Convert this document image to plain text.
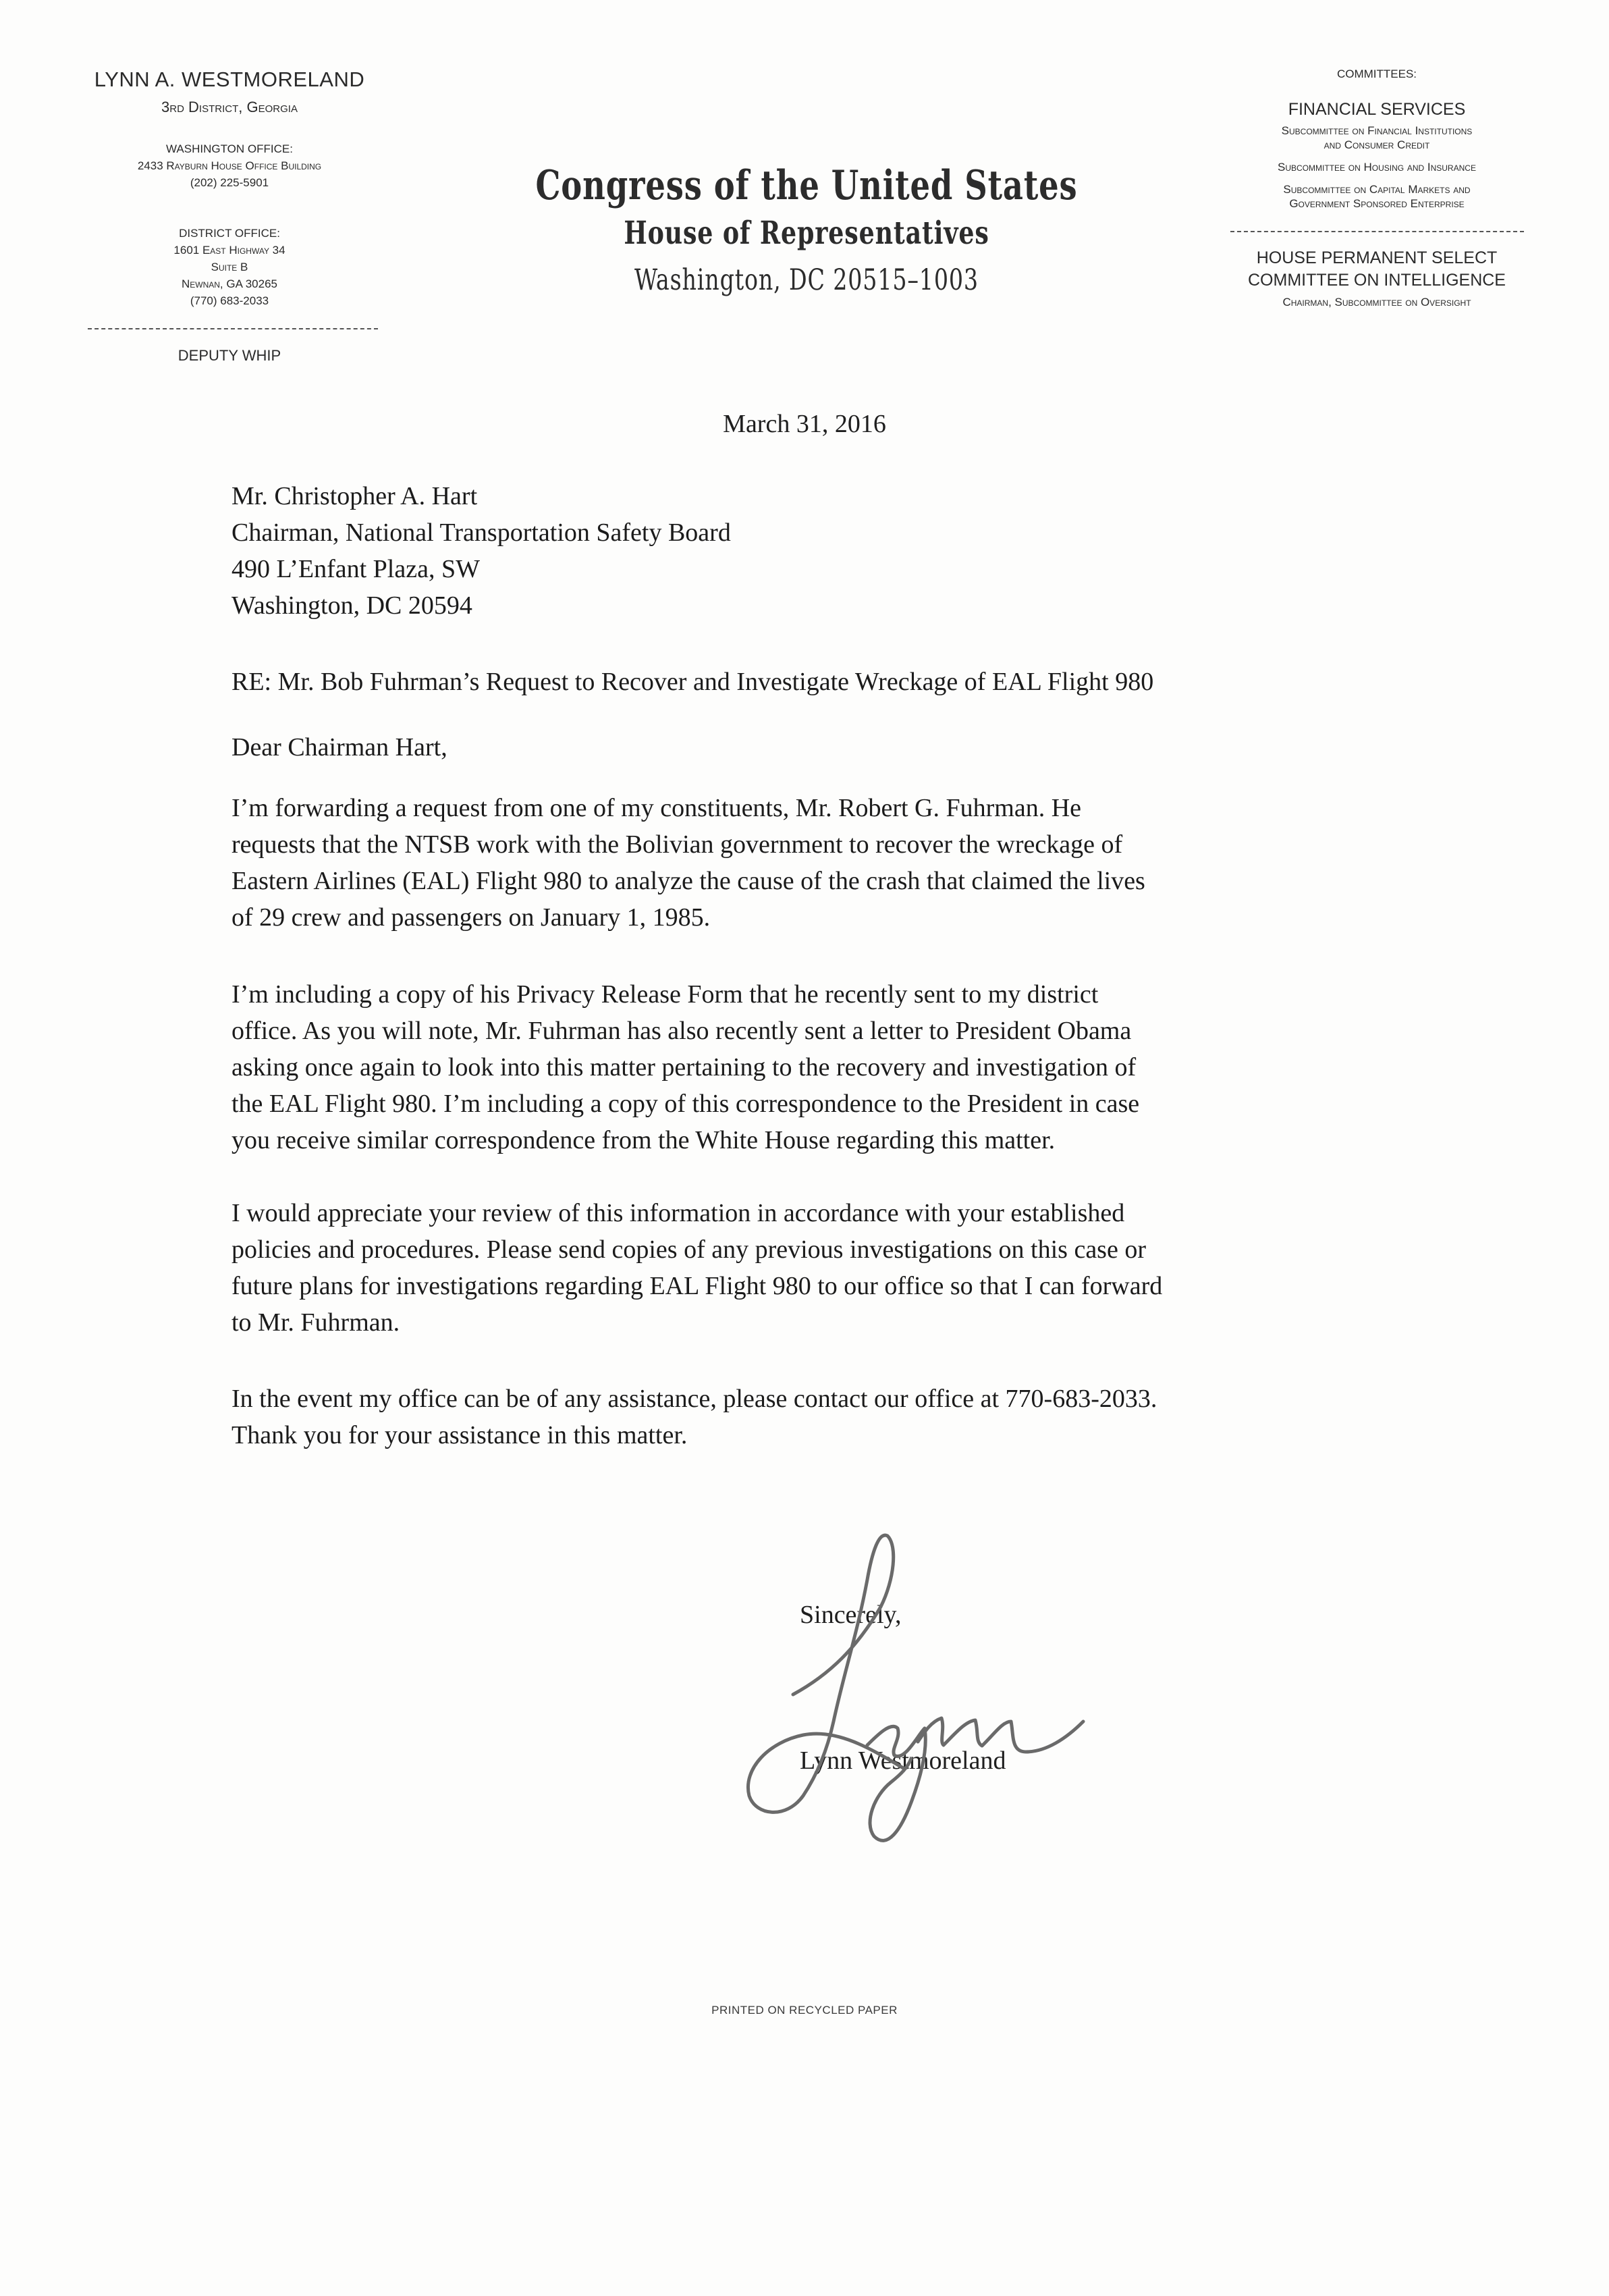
LYNN A. WESTMORELAND
3rd District, Georgia
WASHINGTON OFFICE:
2433 Rayburn House Office Building
(202) 225-5901
DISTRICT OFFICE:
1601 East Highway 34
Suite B
Newnan, GA 30265
(770) 683-2033
DEPUTY WHIP
Congress of the United States
House of Representatives
Washington, DC 20515–1003
COMMITTEES:
FINANCIAL SERVICES
Subcommittee on Financial Institutions
and Consumer Credit
Subcommittee on Housing and Insurance
Subcommittee on Capital Markets and
Government Sponsored Enterprise
HOUSE PERMANENT SELECT
COMMITTEE ON INTELLIGENCE
Chairman, Subcommittee on Oversight
March 31, 2016
Mr. Christopher A. Hart
Chairman, National Transportation Safety Board
490 L’Enfant Plaza, SW
Washington, DC 20594
RE: Mr. Bob Fuhrman’s Request to Recover and Investigate Wreckage of EAL Flight 980
Dear Chairman Hart,
I’m forwarding a request from one of my constituents, Mr. Robert G. Fuhrman. He
requests that the NTSB work with the Bolivian government to recover the wreckage of
Eastern Airlines (EAL) Flight 980 to analyze the cause of the crash that claimed the lives
of 29 crew and passengers on January 1, 1985.
I’m including a copy of his Privacy Release Form that he recently sent to my district
office. As you will note, Mr. Fuhrman has also recently sent a letter to President Obama
asking once again to look into this matter pertaining to the recovery and investigation of
the EAL Flight 980. I’m including a copy of this correspondence to the President in case
you receive similar correspondence from the White House regarding this matter.
I would appreciate your review of this information in accordance with your established
policies and procedures. Please send copies of any previous investigations on this case or
future plans for investigations regarding EAL Flight 980 to our office so that I can forward
to Mr. Fuhrman.
In the event my office can be of any assistance, please contact our office at 770-683-2033.
Thank you for your assistance in this matter.
Sincerely,
Lynn Westmoreland
PRINTED ON RECYCLED PAPER
